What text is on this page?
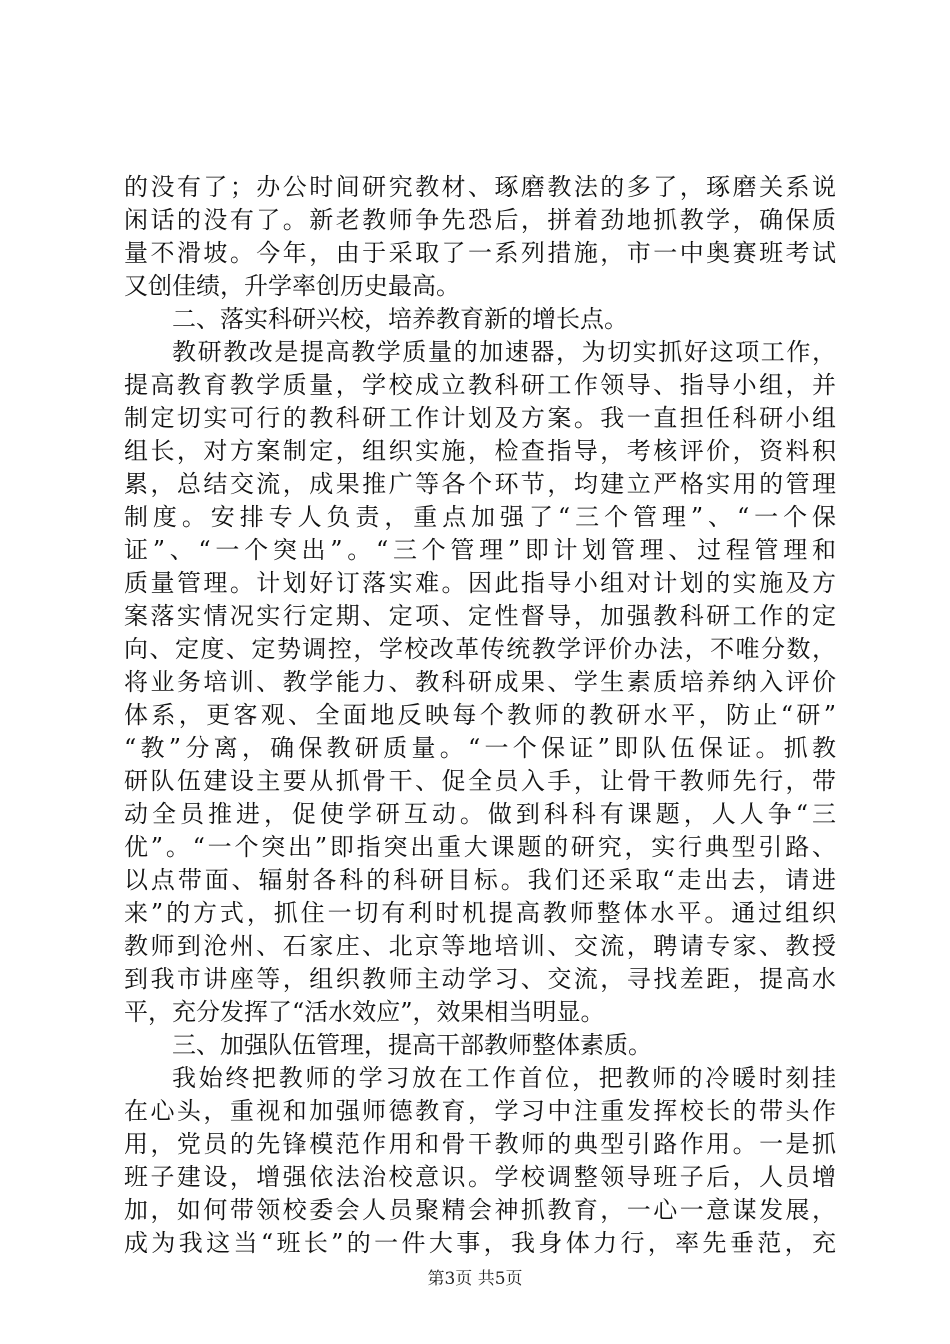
的没有了；办公时间研究教材、琢磨教法的多了，琢磨关系说
闲话的没有了。新老教师争先恐后，拼着劲地抓教学，确保质
量不滑坡。今年，由于采取了一系列措施，市一中奥赛班考试
又创佳绩，升学率创历史最高。
二、落实科研兴校，培养教育新的增长点。
教研教改是提高教学质量的加速器，为切实抓好这项工作，
提高教育教学质量，学校成立教科研工作领导、指导小组，并
制定切实可行的教科研工作计划及方案。我一直担任科研小组
组长，对方案制定，组织实施，检查指导，考核评价，资料积
累，总结交流，成果推广等各个环节，均建立严格实用的管理
制度。安排专人负责，重点加强了“三个管理”、“一个保
证”、“一个突出”。“三个管理”即计划管理、过程管理和
质量管理。计划好订落实难。因此指导小组对计划的实施及方
案落实情况实行定期、定项、定性督导，加强教科研工作的定
向、定度、定势调控，学校改革传统教学评价办法，不唯分数，
将业务培训、教学能力、教科研成果、学生素质培养纳入评价
体系，更客观、全面地反映每个教师的教研水平，防止“研”
“教”分离，确保教研质量。“一个保证”即队伍保证。抓教
研队伍建设主要从抓骨干、促全员入手，让骨干教师先行，带
动全员推进，促使学研互动。做到科科有课题，人人争“三
优”。“一个突出”即指突出重大课题的研究，实行典型引路、
以点带面、辐射各科的科研目标。我们还采取“走出去，请进
来”的方式，抓住一切有利时机提高教师整体水平。通过组织
教师到沧州、石家庄、北京等地培训、交流，聘请专家、教授
到我市讲座等，组织教师主动学习、交流，寻找差距，提高水
平，充分发挥了“活水效应”，效果相当明显。
三、加强队伍管理，提高干部教师整体素质。
我始终把教师的学习放在工作首位，把教师的冷暖时刻挂
在心头，重视和加强师德教育，学习中注重发挥校长的带头作
用，党员的先锋模范作用和骨干教师的典型引路作用。一是抓
班子建设，增强依法治校意识。学校调整领导班子后，人员增
加，如何带领校委会人员聚精会神抓教育，一心一意谋发展，
成为我这当“班长”的一件大事，我身体力行，率先垂范，充
第3页 共5页
